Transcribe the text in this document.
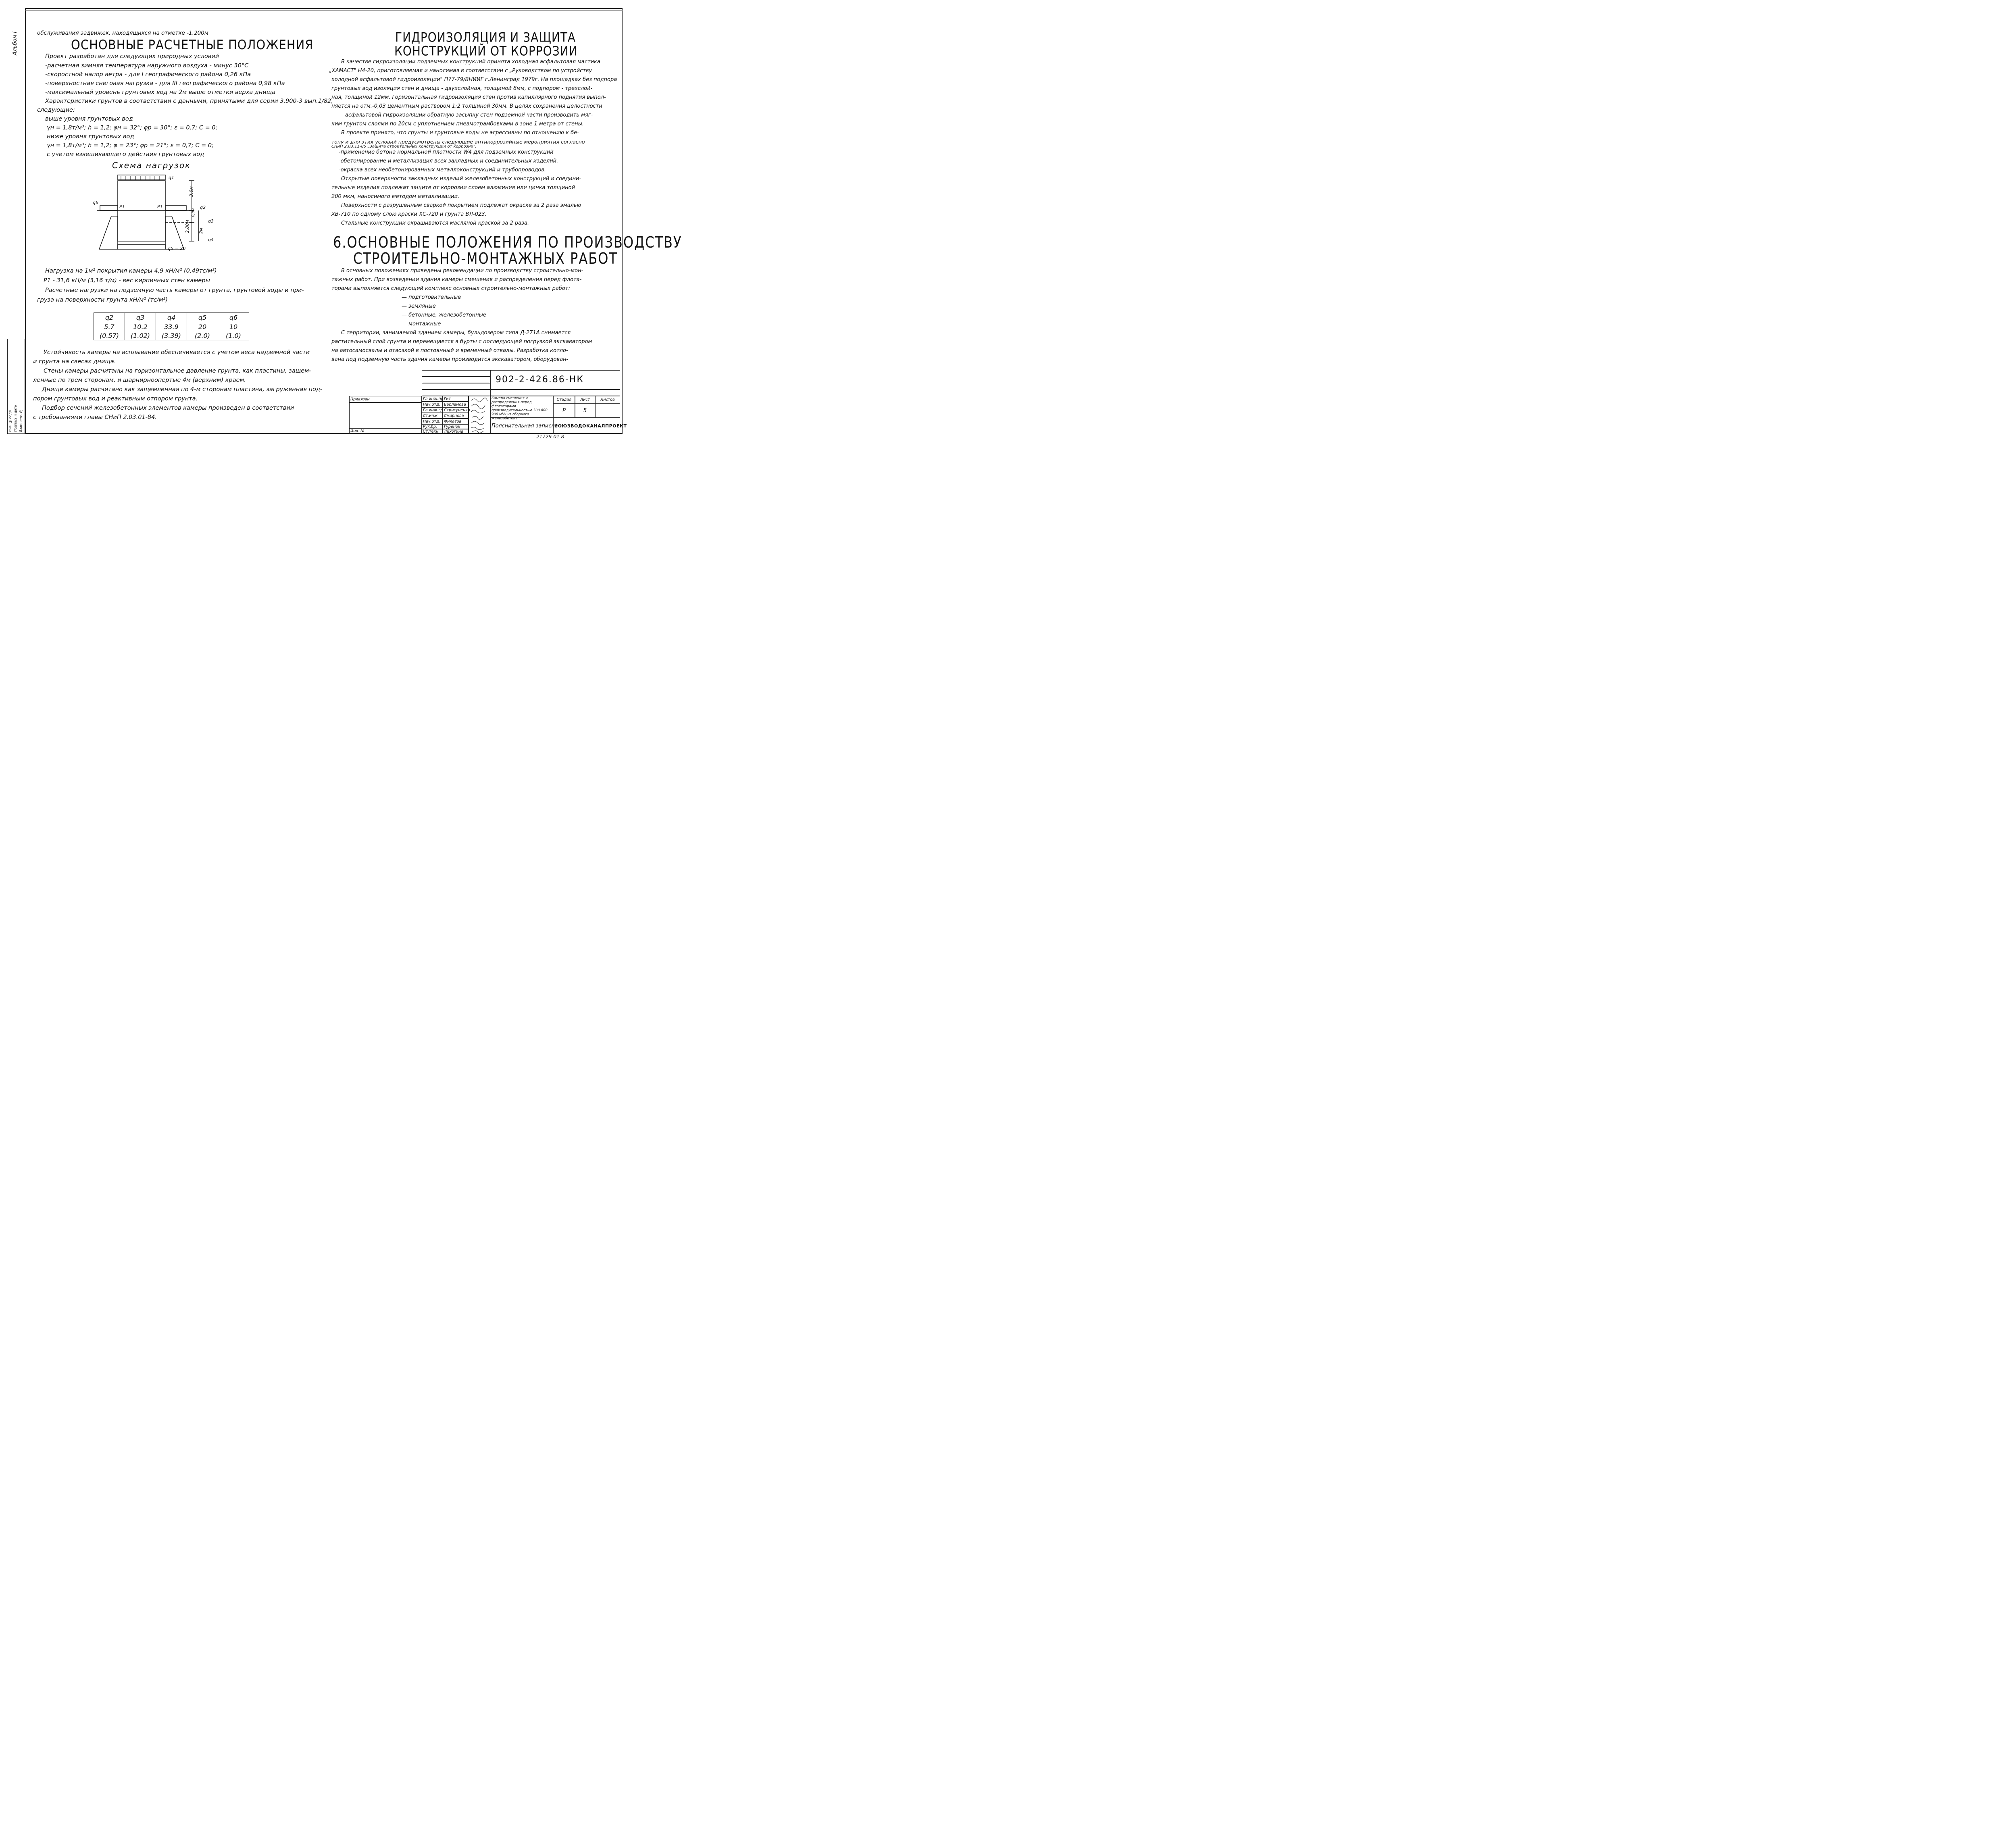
Альбом I
Инв. № подл. Подпись и дата Взам. инв. №
обслуживания задвижек, находящихся на отметке -1.200м
ОСНОВНЫЕ РАСЧЕТНЫЕ ПОЛОЖЕНИЯ
Проект разработан для следующих природных условий
-расчетная зимняя температура наружного воздуха - минус 30°С
-скоростной напор ветра - для I географического района 0,26 кПа
-поверхностная снеговая нагрузка - для III географического района 0,98 кПа
-максимальный уровень грунтовых вод на 2м выше отметки верха днища
Характеристики грунтов в соответствии с данными, принятыми для серии 3.900-3 вып.1/82,
следующие:
выше уровня грунтовых вод
γн = 1,8т/м³; h = 1,2; φн = 32°; φр = 30°; ε = 0,7; C = 0;
ниже уровня грунтовых вод
γн = 1,8т/м³; h = 1,2; φ = 23°; φр = 21°; ε = 0,7; C = 0;
с учетом взвешивающего действия грунтовых вод
Схема нагрузок
q1
q6
P1	P1	q2
q3
q4
q5 = 20
3,6м
0,8м
2,80м 2м
Нагрузка на 1м² покрытия камеры 4,9 кН/м² (0,49тс/м²)
P1 - 31,6 кН/м (3,16 т/м) - вес кирпичных стен камеры
Расчетные нагрузки на подземную часть камеры от грунта, грунтовой воды и при-
груза на поверхности грунта кН/м² (тс/м²)
q2	q3	q4	q5	q6
5.7	10.2	33.9	20	10
(0.57)	(1.02)	(3.39)	(2.0)	(1.0)
Устойчивость камеры на всплывание обеспечивается с учетом веса надземной части
и грунта на свесах днища.
Стены камеры расчитаны на горизонтальное давление грунта, как пластины, защем-
ленные по трем сторонам, и шарнирноопертые 4м (верхним) краем.
Днище камеры расчитано как защемленная по 4-м сторонам пластина, загруженная под-
пором грунтовых вод и реактивным отпором грунта.
Подбор сечений железобетонных элементов камеры произведен в соответствии
с требованиями главы СНиП 2.03.01-84.
ГИДРОИЗОЛЯЦИЯ И ЗАЩИТА
КОНСТРУКЦИЙ ОТ КОРРОЗИИ
В качестве гидроизоляции подземных конструкций принята холодная асфальтовая мастика
„ХАМАСТ" Н4-20, приготовляемая и наносимая в соответствии с „Руководством по устройству
холодной асфальтовой гидроизоляции" П77-79/ВНИИГ г.Ленинград 1979г. На площадках без подпора
грунтовых вод изоляция стен и днища - двухслойная, толщиной 8мм, с подпором - трехслой-
ная, толщиной 12мм. Горизонтальная гидроизоляция стен против капиллярного поднятия выпол-
няется на отм.-0,03 цементным раствором 1:2 толщиной 30мм. В целях сохранения целостности
асфальтовой гидроизоляции обратную засыпку стен подземной части производить мяг-
ким грунтом слоями по 20см с уплотнением пневмотрамбовками в зоне 1 метра от стены.
В проекте принято, что грунты и грунтовые воды не агрессивны по отношению к бе-
тону и для этих условий предусмотрены следующие антикоррозийные мероприятия согласно
СНиП 2.03.11-85 „Защита строительных конструкций от коррозии":
-применение бетона нормальной плотности W4 для подземных конструкций
-обетонирование и металлизация всех закладных и соединительных изделий.
-окраска всех необетонированных металлоконструкций и трубопроводов.
Открытые поверхности закладных изделий железобетонных конструкций и соедини-
тельные изделия подлежат защите от коррозии слоем алюминия или цинка толщиной
200 мкм, наносимого методом металлизации.
Поверхности с разрушенным сваркой покрытием подлежат окраске за 2 раза эмалью
ХВ-710 по одному слою краски ХС-720 и грунта ВЛ-023.
Стальные конструкции окрашиваются масляной краской за 2 раза.
6.ОСНОВНЫЕ ПОЛОЖЕНИЯ ПО ПРОИЗВОДСТВУ
СТРОИТЕЛЬНО-МОНТАЖНЫХ РАБОТ
В основных положениях приведены рекомендации по производству строительно-мон-
тажных работ. При возведении здания камеры смешения и распределения перед флота-
торами выполняется следующий комплекс основных строительно-монтажных работ:
— подготовительные
— земляные
— бетонные, железобетонные
— монтажные
С территории, занимаемой зданием камеры, бульдозером типа Д-271А снимается
растительный слой грунта и перемещается в бурты с последующей погрузкой экскаватором
на автосамосвалы и отвозкой в постоянный и временный отвалы. Разработка котло-
вана под подземную часть здания камеры производится экскаватором, оборудован-
902-2-426.86-НК
Привязан
Инв. №
Гл.инж.пр.
Нач.отд.
Гл.инж.гр.
Ст.инж.
Нач.отд.
Рук.бр.
Ст.техн.
Гит
Варламова
Стригуненко
Смирнова
Филатов
Гуренок
Лихогина
Камера смешения и распределения перед флотаторами производительностью 300 800 900 м³/ч из сборного железобетона
Стадия	Лист	Листов
Р	5
Пояснительная записка
СОЮЗВОДОКАНАЛПРОЕКТ
21729-01 8
